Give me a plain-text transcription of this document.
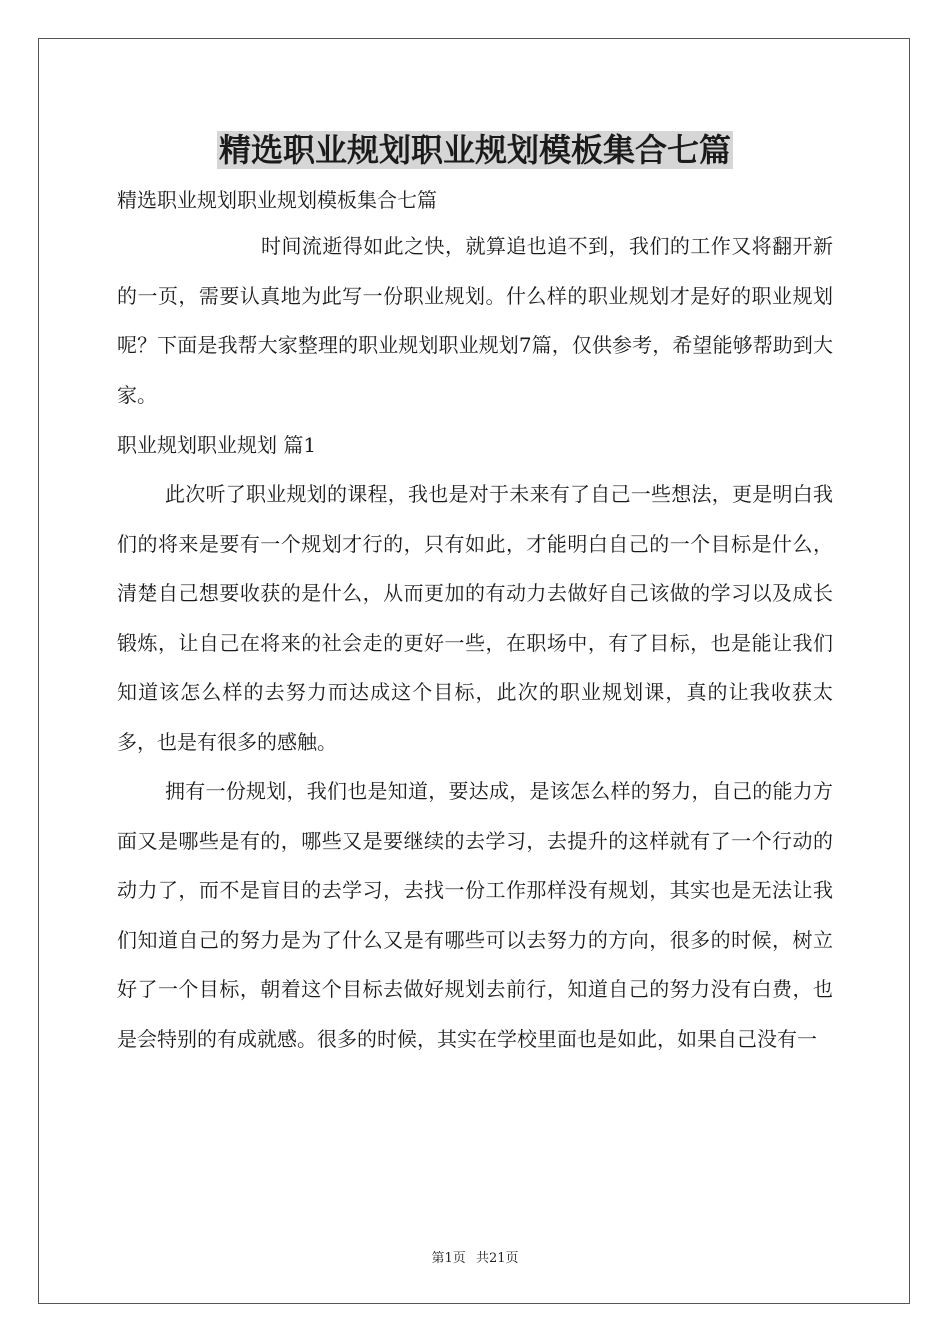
精选职业规划职业规划模板集合七篇

精选职业规划职业规划模板集合七篇

时间流逝得如此之快，就算追也追不到，我们的工作又将翻开新的一页，需要认真地为此写一份职业规划。什么样的职业规划才是好的职业规划呢？下面是我帮大家整理的职业规划职业规划7篇，仅供参考，希望能够帮助到大家。

职业规划职业规划 篇1

此次听了职业规划的课程，我也是对于未来有了自己一些想法，更是明白我们的将来是要有一个规划才行的，只有如此，才能明白自己的一个目标是什么，清楚自己想要收获的是什么，从而更加的有动力去做好自己该做的学习以及成长锻炼，让自己在将来的社会走的更好一些，在职场中，有了目标，也是能让我们知道该怎么样的去努力而达成这个目标，此次的职业规划课，真的让我收获太多，也是有很多的感触。

拥有一份规划，我们也是知道，要达成，是该怎么样的努力，自己的能力方面又是哪些是有的，哪些又是要继续的去学习，去提升的这样就有了一个行动的动力了，而不是盲目的去学习，去找一份工作那样没有规划，其实也是无法让我们知道自己的努力是为了什么又是有哪些可以去努力的方向，很多的时候，树立好了一个目标，朝着这个目标去做好规划去前行，知道自己的努力没有白费，也是会特别的有成就感。很多的时候，其实在学校里面也是如此，如果自己没有一

第1页 共21页
